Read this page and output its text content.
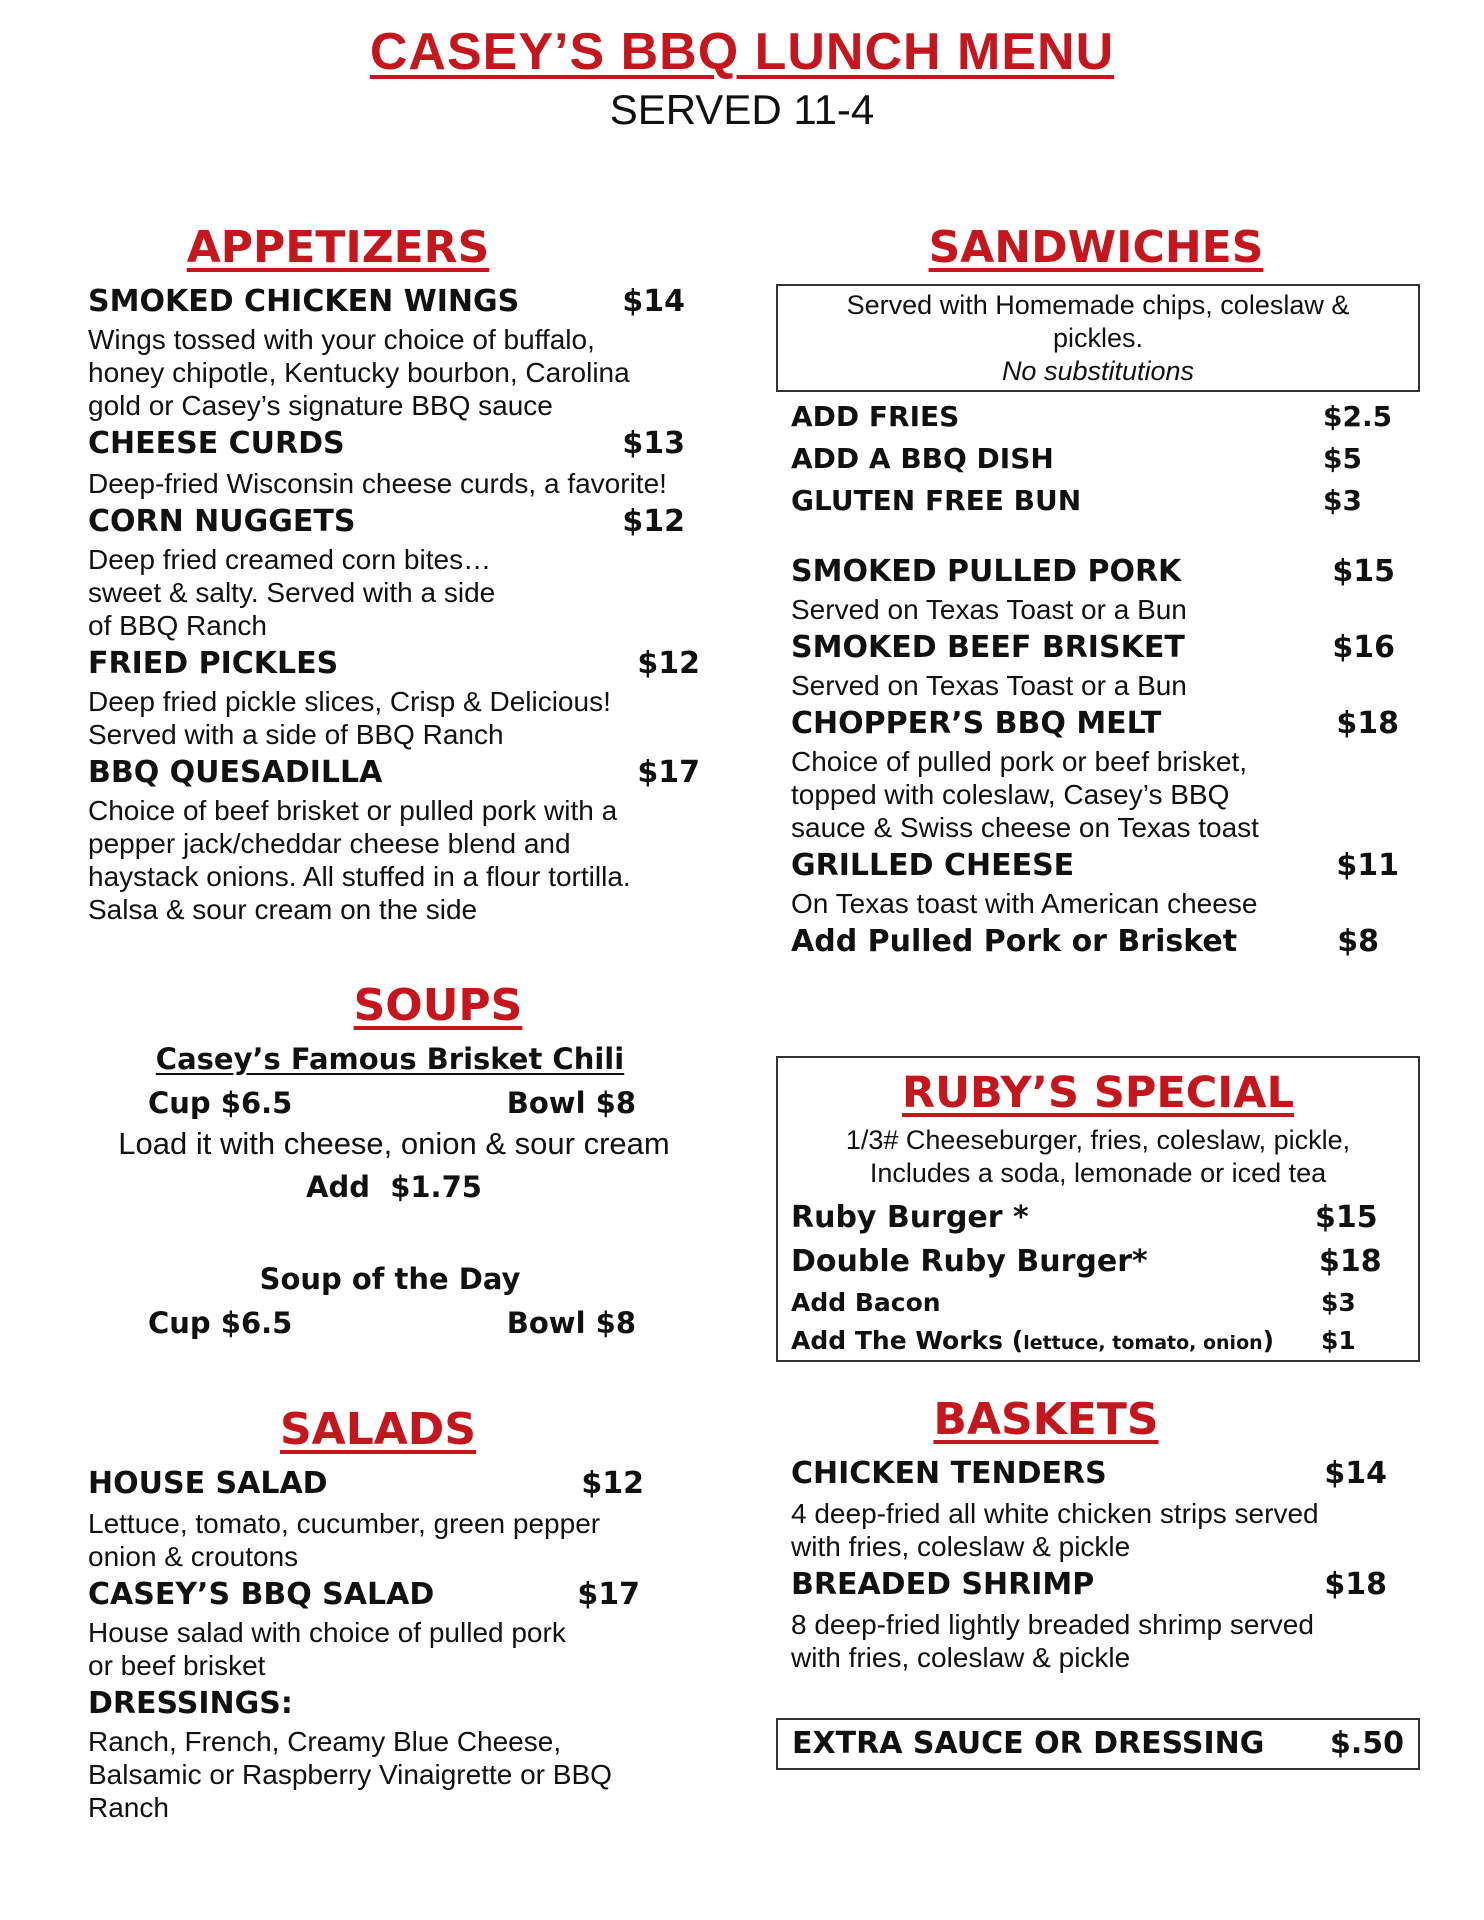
CASEY’S BBQ LUNCH MENU
SERVED 11-4
APPETIZERS
SMOKED CHICKEN WINGS	$14
Wings tossed with your choice of buffalo,
honey chipotle, Kentucky bourbon, Carolina
gold or Casey’s signature BBQ sauce
CHEESE CURDS	$13
Deep-fried Wisconsin cheese curds, a favorite!
CORN NUGGETS	$12
Deep fried creamed corn bites…
sweet & salty. Served with a side
of BBQ Ranch
FRIED PICKLES	$12
Deep fried pickle slices, Crisp & Delicious!
Served with a side of BBQ Ranch
BBQ QUESADILLA	$17
Choice of beef brisket or pulled pork with a
pepper jack/cheddar cheese blend and
haystack onions. All stuffed in a flour tortilla.
Salsa & sour cream on the side
SOUPS
Casey’s Famous Brisket Chili
Cup $6.5	Bowl $8
Load it with cheese, onion & sour cream
Add  $1.75
Soup of the Day
Cup $6.5	Bowl $8
SALADS
HOUSE SALAD	$12
Lettuce, tomato, cucumber, green pepper
onion & croutons
CASEY’S BBQ SALAD	$17
House salad with choice of pulled pork
or beef brisket
DRESSINGS:
Ranch, French, Creamy Blue Cheese,
Balsamic or Raspberry Vinaigrette or BBQ
Ranch
SANDWICHES
Served with Homemade chips, coleslaw &
pickles.
No substitutions
ADD FRIES	$2.5
ADD A BBQ DISH	$5
GLUTEN FREE BUN	$3
SMOKED PULLED PORK	$15
Served on Texas Toast or a Bun
SMOKED BEEF BRISKET	$16
Served on Texas Toast or a Bun
CHOPPER’S BBQ MELT	$18
Choice of pulled pork or beef brisket,
topped with coleslaw, Casey’s BBQ
sauce & Swiss cheese on Texas toast
GRILLED CHEESE	$11
On Texas toast with American cheese
Add Pulled Pork or Brisket	$8
RUBY’S SPECIAL
1/3# Cheeseburger, fries, coleslaw, pickle,
Includes a soda, lemonade or iced tea
Ruby Burger *	$15
Double Ruby Burger*	$18
Add Bacon	$3
Add The Works (lettuce, tomato, onion) $1
BASKETS
CHICKEN TENDERS	$14
4 deep-fried all white chicken strips served
with fries, coleslaw & pickle
BREADED SHRIMP	$18
8 deep-fried lightly breaded shrimp served
with fries, coleslaw & pickle
EXTRA SAUCE OR DRESSING $.50
